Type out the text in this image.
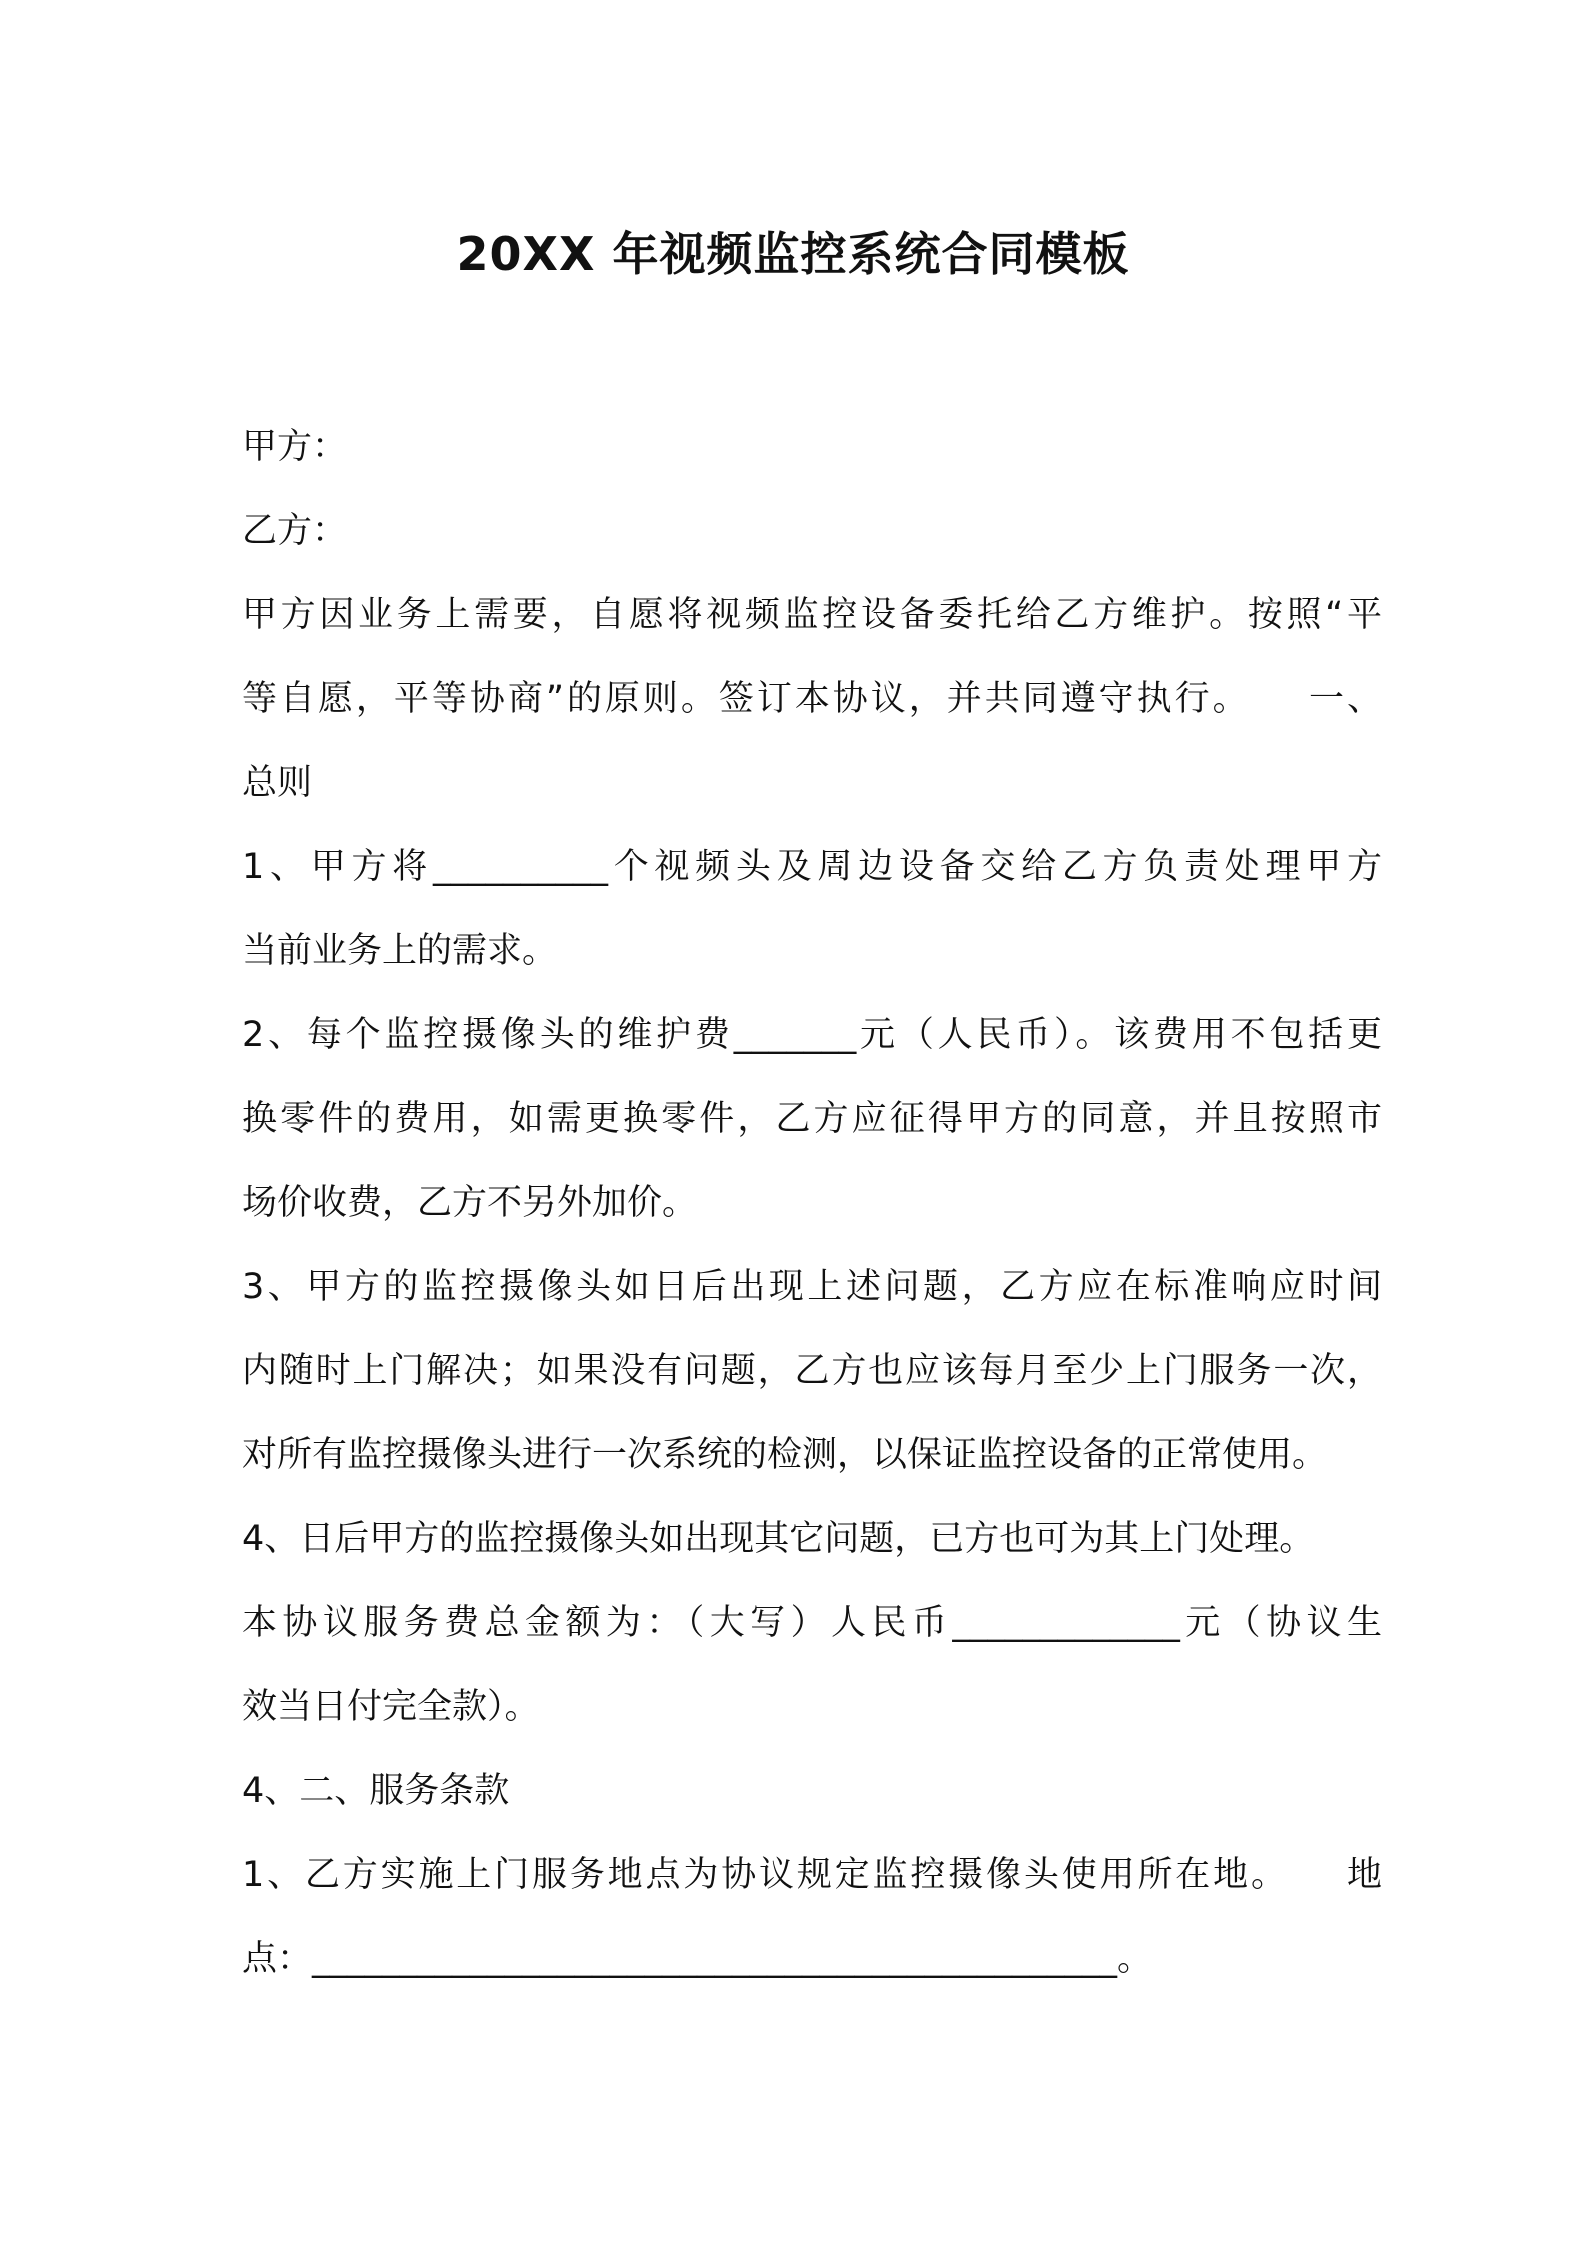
20XX 年视频监控系统合同模板
甲方：
乙方：
甲方因业务上需要，自愿将视频监控设备委托给乙方维护。按照“平
等自愿，平等协商”的原则。签订本协议，并共同遵守执行。　　一、
总则
1、甲方将__________个视频头及周边设备交给乙方负责处理甲方
当前业务上的需求。
2、每个监控摄像头的维护费_______元（人民币）。该费用不包括更
换零件的费用，如需更换零件，乙方应征得甲方的同意，并且按照市
场价收费，乙方不另外加价。
3、甲方的监控摄像头如日后出现上述问题，乙方应在标准响应时间
内随时上门解决；如果没有问题，乙方也应该每月至少上门服务一次，
对所有监控摄像头进行一次系统的检测，以保证监控设备的正常使用。
4、日后甲方的监控摄像头如出现其它问题，已方也可为其上门处理。
本协议服务费总金额为：（大写）人民币_____________元（协议生
效当日付完全款）。
4、二、服务条款
1、乙方实施上门服务地点为协议规定监控摄像头使用所在地。　　地
点：______________________________________________。
